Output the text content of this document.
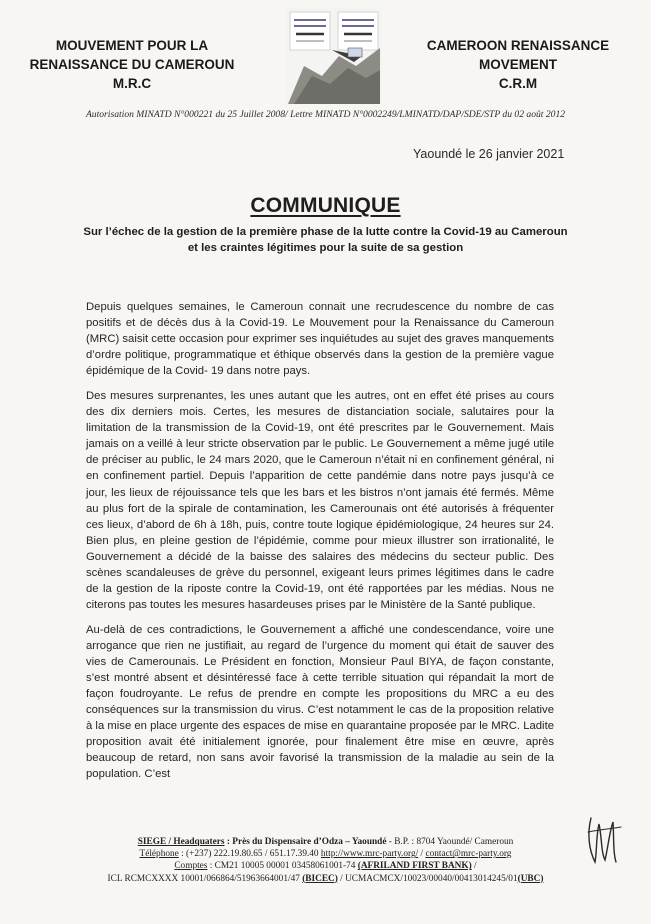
MOUVEMENT POUR LA
RENAISSANCE DU CAMEROUN
M.R.C
CAMEROON RENAISSANCE
MOVEMENT
C.R.M
Autorisation MINATD N°000221 du 25 Juillet 2008/ Lettre MINATD N°0002249/LMINATD/DAP/SDE/STP du 02 août 2012
Yaoundé le 26 janvier 2021
COMMUNIQUE
Sur l’échec de la gestion de la première phase de la lutte contre la Covid-19 au Cameroun
et les craintes légitimes pour la suite de sa gestion

Depuis quelques semaines, le Cameroun connait une recrudescence du nombre de cas positifs et de décès dus à la Covid-19. Le Mouvement pour la Renaissance du Cameroun (MRC) saisit cette occasion pour exprimer ses inquiétudes au sujet des graves manquements d’ordre politique, programmatique et éthique observés dans la gestion de la première vague épidémique de la Covid- 19 dans notre pays.

Des mesures surprenantes, les unes autant que les autres, ont en effet été prises au cours des dix derniers mois. Certes, les mesures de distanciation sociale, salutaires pour la limitation de la transmission de la Covid-19, ont été prescrites par le Gouvernement. Mais jamais on a veillé à leur stricte observation par le public. Le Gouvernement a même jugé utile de préciser au public, le 24 mars 2020, que le Cameroun n’était ni en confinement général, ni en confinement partiel. Depuis l’apparition de cette pandémie dans notre pays jusqu’à ce jour, les lieux de réjouissance tels que les bars et les bistros n’ont jamais été fermés. Même au plus fort de la spirale de contamination, les Camerounais ont été autorisés à fréquenter ces lieux, d’abord de 6h à 18h, puis, contre toute logique épidémiologique, 24 heures sur 24. Bien plus, en pleine gestion de l’épidémie, comme pour mieux illustrer son irrationalité, le Gouvernement a décidé de la baisse des salaires des médecins du secteur public. Des scènes scandaleuses de grève du personnel, exigeant leurs primes légitimes dans le cadre de la gestion de la riposte contre la Covid-19, ont été rapportées par les médias. Nous ne citerons pas toutes les mesures hasardeuses prises par le Ministère de la Santé publique.

Au-delà de ces contradictions, le Gouvernement a affiché une condescendance, voire une arrogance que rien ne justifiait, au regard de l’urgence du moment qui était de sauver des vies de Camerounais. Le Président en fonction, Monsieur Paul BIYA, de façon constante, s’est montré absent et désintéressé face à cette terrible situation qui répandait la mort de façon foudroyante. Le refus de prendre en compte les propositions du MRC a eu des conséquences sur la transmission du virus. C’est notamment le cas de la proposition relative à la mise en place urgente des espaces de mise en quarantaine proposée par le MRC. Ladite proposition avait été initialement ignorée, pour finalement être mise en œuvre, après beaucoup de retard, non sans avoir favorisé la transmission de la maladie au sein de la population. C’est

SIEGE / Headquaters : Près du Dispensaire d’Odza – Yaoundé - B.P. : 8704 Yaoundé/ Cameroun
Téléphone : (+237) 222.19.80.65 / 651.17.39.40 http://www.mrc-party.org/ / contact@mrc-party.org
Comptes : CM21 10005 00001 03458061001-74 (AFRILAND FIRST BANK) /
ICL RCMCXXXX 10001/066864/51963664001/47 (BICEC) / UCMACMCX/10023/00040/00413014245/01(UBC)
